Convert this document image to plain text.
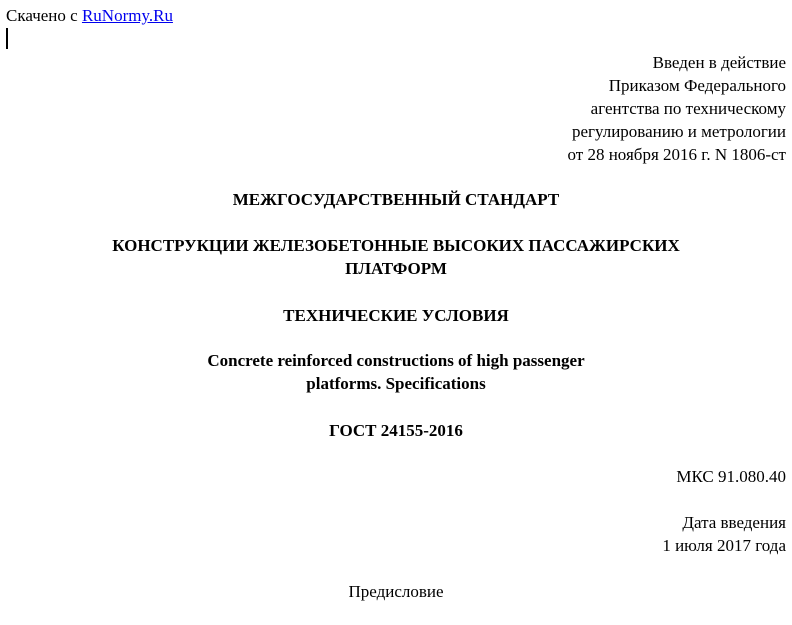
Скачено с RuNormy.Ru
Введен в действие
Приказом Федерального
агентства по техническому
регулированию и метрологии
от 28 ноября 2016 г. N 1806-ст
МЕЖГОСУДАРСТВЕННЫЙ СТАНДАРТ
КОНСТРУКЦИИ ЖЕЛЕЗОБЕТОННЫЕ ВЫСОКИХ ПАССАЖИРСКИХ
ПЛАТФОРМ
ТЕХНИЧЕСКИЕ УСЛОВИЯ
Concrete reinforced constructions of high passenger
platforms. Specifications
ГОСТ 24155-2016
МКС 91.080.40
Дата введения
1 июля 2017 года
Предисловие
